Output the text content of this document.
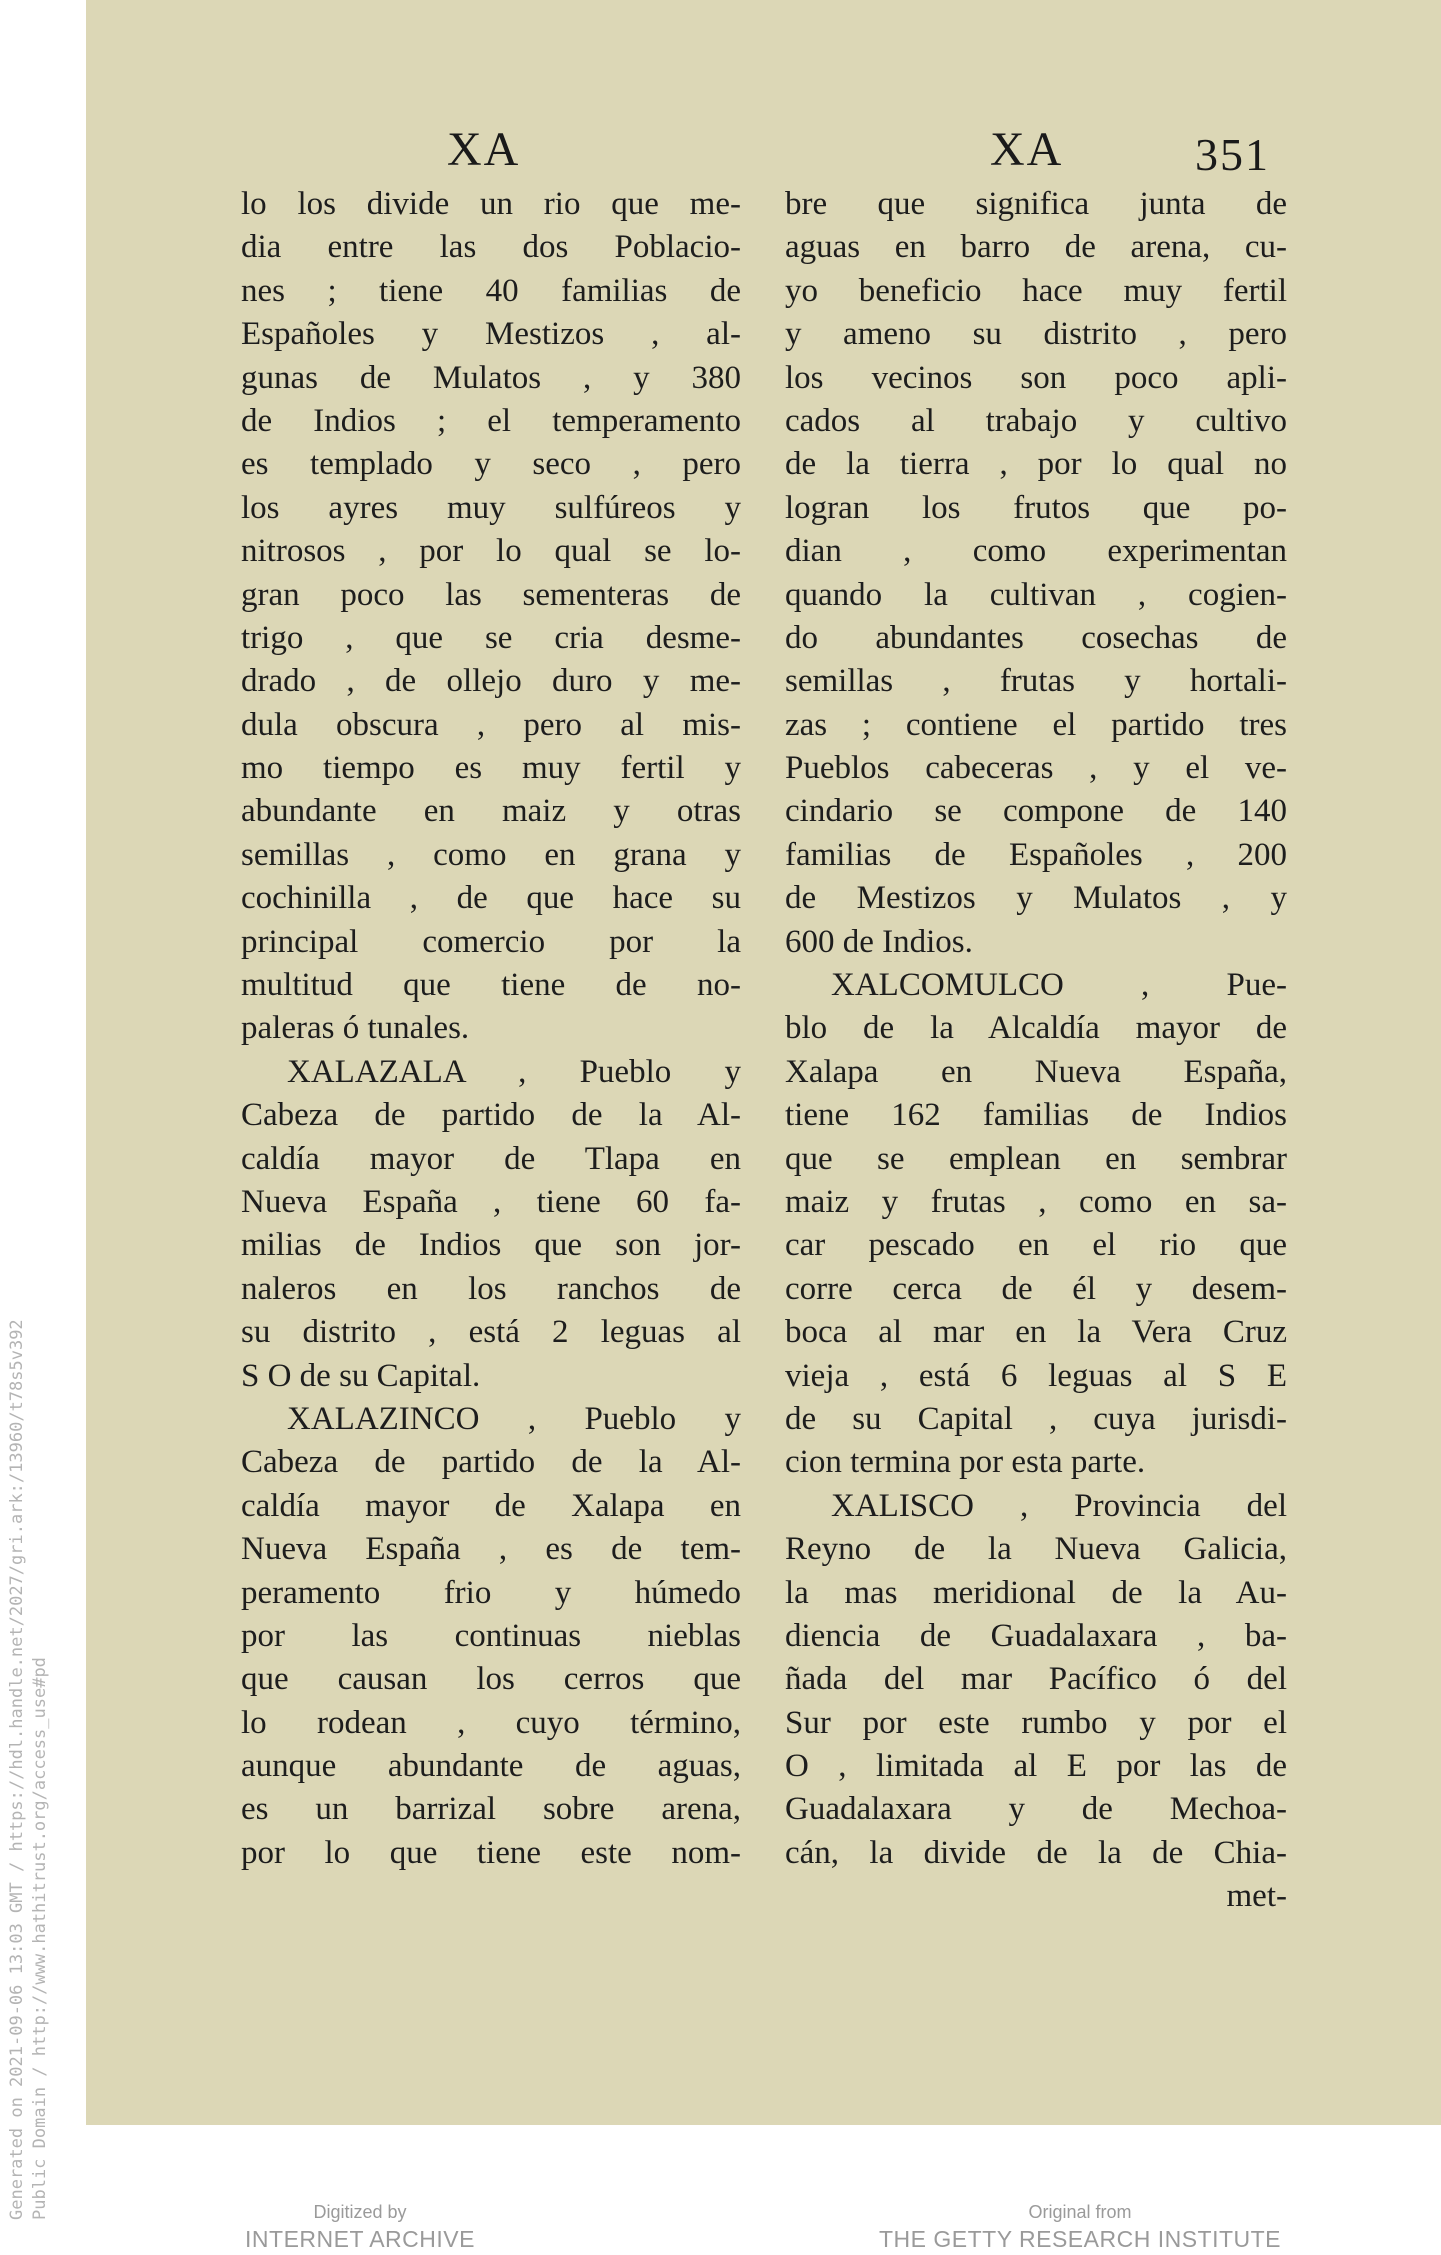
Generated on 2021-09-06 13:03 GMT / https://hdl.handle.net/2027/gri.ark:/13960/t78s5v392 Public Domain / http://www.hathitrust.org/access_use#pd
XA	XA	351
lo los divide un rio que me-
dia entre las dos Poblacio-
nes ; tiene 40 familias de
Españoles y Mestizos , al-
gunas de Mulatos , y 380
de Indios ; el temperamento
es templado y seco , pero
los ayres muy sulfúreos y
nitrosos , por lo qual se lo-
gran poco las sementeras de
trigo , que se cria desme-
drado , de ollejo duro y me-
dula obscura , pero al mis-
mo tiempo es muy fertil y
abundante en maiz y otras
semillas , como en grana y
cochinilla , de que hace su
principal comercio por la
multitud que tiene de no-
paleras ó tunales.
XALAZALA , Pueblo y
Cabeza de partido de la Al-
caldía mayor de Tlapa en
Nueva España , tiene 60 fa-
milias de Indios que son jor-
naleros en los ranchos de
su distrito , está 2 leguas al
S O de su Capital.
XALAZINCO , Pueblo y
Cabeza de partido de la Al-
caldía mayor de Xalapa en
Nueva España , es de tem-
peramento frio y húmedo
por las continuas nieblas
que causan los cerros que
lo rodean , cuyo término,
aunque abundante de aguas,
es un barrizal sobre arena,
por lo que tiene este nom-
bre que significa junta de
aguas en barro de arena, cu-
yo beneficio hace muy fertil
y ameno su distrito , pero
los vecinos son poco apli-
cados al trabajo y cultivo
de la tierra , por lo qual no
logran los frutos que po-
dian , como experimentan
quando la cultivan , cogien-
do abundantes cosechas de
semillas , frutas y hortali-
zas ; contiene el partido tres
Pueblos cabeceras , y el ve-
cindario se compone de 140
familias de Españoles , 200
de Mestizos y Mulatos , y
600 de Indios.
XALCOMULCO , Pue-
blo de la Alcaldía mayor de
Xalapa en Nueva España,
tiene 162 familias de Indios
que se emplean en sembrar
maiz y frutas , como en sa-
car pescado en el rio que
corre cerca de él y desem-
boca al mar en la Vera Cruz
vieja , está 6 leguas al S E
de su Capital , cuya jurisdi-
cion termina por esta parte.
XALISCO , Provincia del
Reyno de la Nueva Galicia,
la mas meridional de la Au-
diencia de Guadalaxara , ba-
ñada del mar Pacífico ó del
Sur por este rumbo y por el
O , limitada al E por las de
Guadalaxara y de Mechoa-
cán, la divide de la de Chia-
met-
Digitized by
INTERNET ARCHIVE
Original from
THE GETTY RESEARCH INSTITUTE
